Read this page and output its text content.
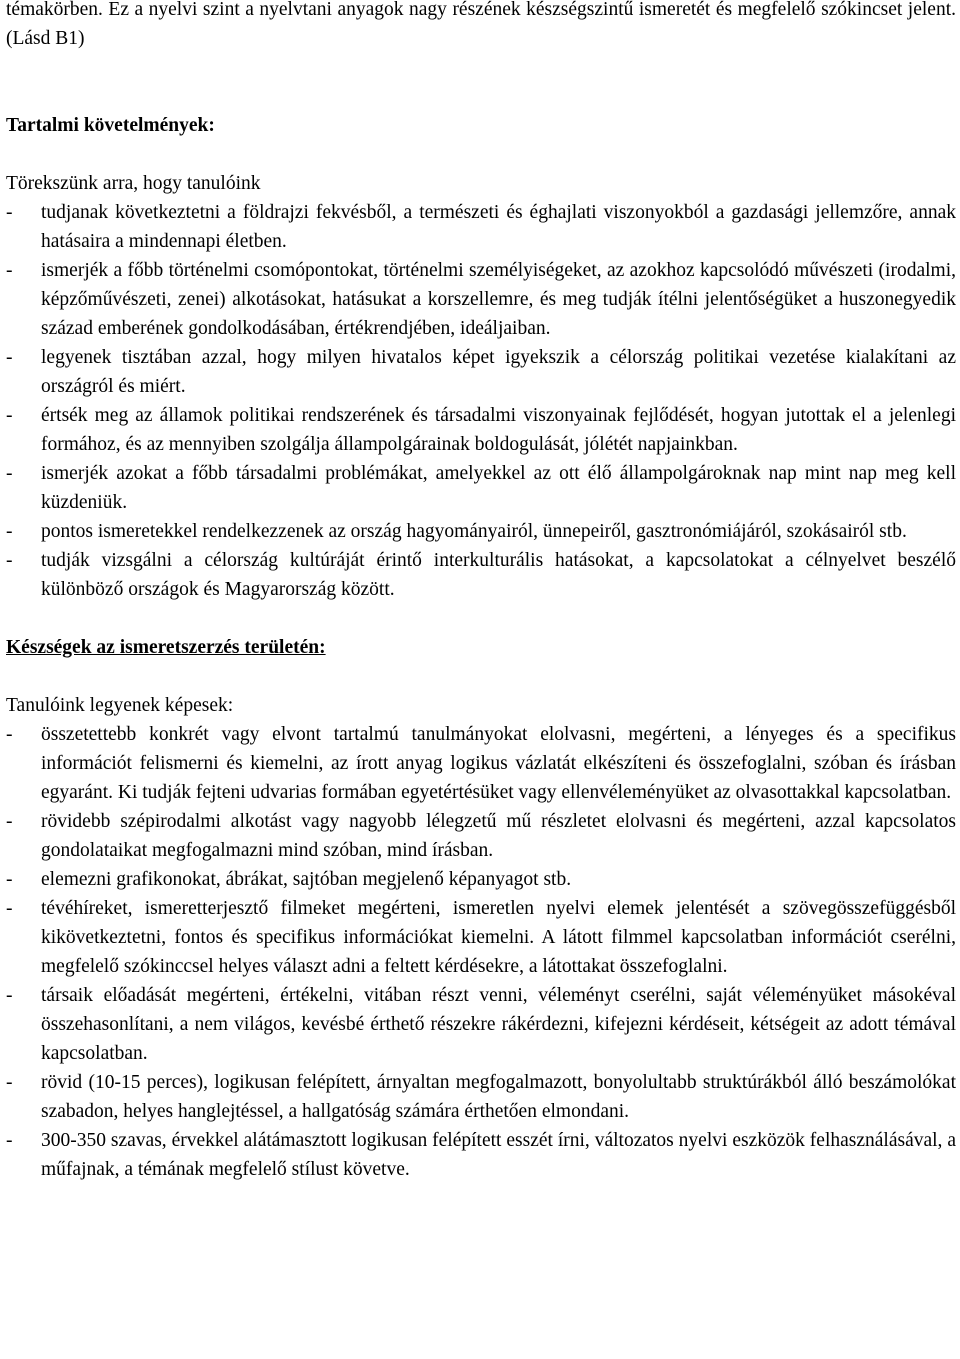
témakörben. Ez a nyelvi szint a nyelvtani anyagok nagy részének készségszintű ismeretét és megfelelő szókincset jelent. (Lásd B1)

Tartalmi követelmények:

Törekszünk arra, hogy tanulóink

- tudjanak következtetni a földrajzi fekvésből, a természeti és éghajlati viszonyokból a gazdasági jellemzőre, annak hatásaira a mindennapi életben.
- ismerjék a főbb történelmi csomópontokat, történelmi személyiségeket, az azokhoz kapcsolódó művészeti (irodalmi, képzőművészeti, zenei) alkotásokat, hatásukat a korszellemre, és meg tudják ítélni jelentőségüket a huszonegyedik század emberének gondolkodásában, értékrendjében, ideáljaiban.
- legyenek tisztában azzal, hogy milyen hivatalos képet igyekszik a célország politikai vezetése kialakítani az országról és miért.
- értsék meg az államok politikai rendszerének és társadalmi viszonyainak fejlődését, hogyan jutottak el a jelenlegi formához, és az mennyiben szolgálja állampolgárainak boldogulását, jólétét napjainkban.
- ismerjék azokat a főbb társadalmi problémákat, amelyekkel az ott élő állampolgároknak nap mint nap meg kell küzdeniük.
- pontos ismeretekkel rendelkezzenek az ország hagyományairól, ünnepeiről, gasztronómiájáról, szokásairól stb.
- tudják vizsgálni a célország kultúráját érintő interkulturális hatásokat, a kapcsolatokat a célnyelvet beszélő különböző országok és Magyarország között.

Készségek az ismeretszerzés területén:

Tanulóink legyenek képesek:

- összetettebb konkrét vagy elvont tartalmú tanulmányokat elolvasni, megérteni, a lényeges és a specifikus információt felismerni és kiemelni, az írott anyag logikus vázlatát elkészíteni és összefoglalni, szóban és írásban egyaránt. Ki tudják fejteni udvarias formában egyetértésüket vagy ellenvéleményüket az olvasottakkal kapcsolatban.
- rövidebb szépirodalmi alkotást vagy nagyobb lélegzetű mű részletet elolvasni és megérteni, azzal kapcsolatos gondolataikat megfogalmazni mind szóban, mind írásban.
- elemezni grafikonokat, ábrákat, sajtóban megjelenő képanyagot stb.
- tévéhíreket, ismeretterjesztő filmeket megérteni, ismeretlen nyelvi elemek jelentését a szövegösszefüggésből kikövetkeztetni, fontos és specifikus információkat kiemelni. A látott filmmel kapcsolatban információt cserélni, megfelelő szókinccsel helyes választ adni a feltett kérdésekre, a látottakat összefoglalni.
- társaik előadását megérteni, értékelni, vitában részt venni, véleményt cserélni, saját véleményüket másokéval összehasonlítani, a nem világos, kevésbé érthető részekre rákérdezni, kifejezni kérdéseit, kétségeit az adott témával kapcsolatban.
- rövid (10-15 perces), logikusan felépített, árnyaltan megfogalmazott, bonyolultabb struktúrákból álló beszámolókat szabadon, helyes hanglejtéssel, a hallgatóság számára érthetően elmondani.
- 300-350 szavas, érvekkel alátámasztott logikusan felépített esszét írni, változatos nyelvi eszközök felhasználásával, a műfajnak, a témának megfelelő stílust követve.
